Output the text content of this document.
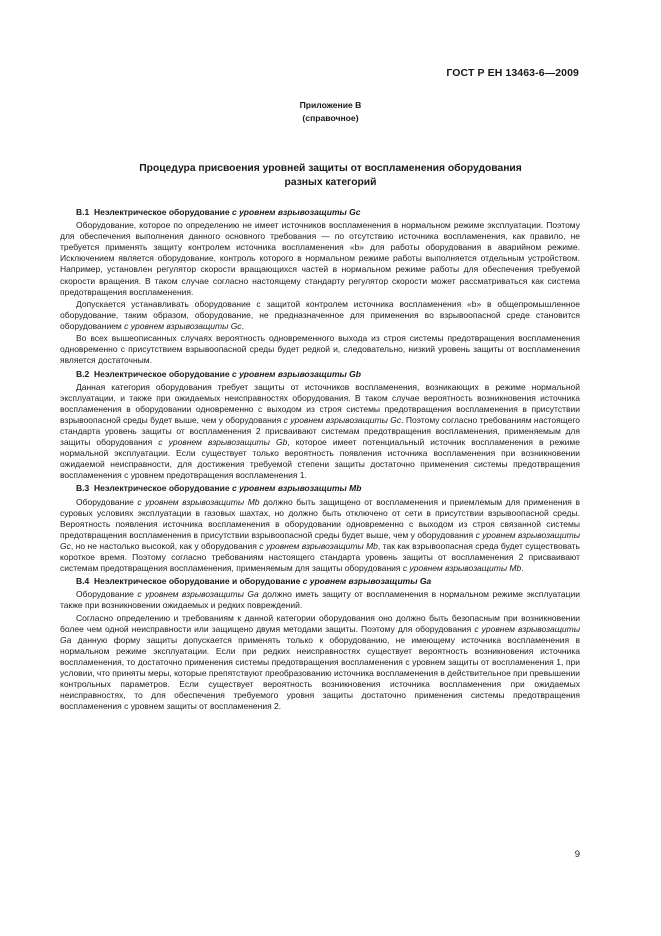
ГОСТ Р ЕН 13463-6—2009
Приложение В
(справочное)
Процедура присвоения уровней защиты от воспламенения оборудования
разных категорий
В.1 Неэлектрическое оборудование с уровнем взрывозащиты Gc
Оборудование, которое по определению не имеет источников воспламенения в нормальном режиме эксплуатации. Поэтому для обеспечения выполнения данного основного требования — по отсутствию источника воспламенения, как правило, не требуется применять защиту контролем источника воспламенения «b» для работы оборудования в аварийном режиме. Исключением является оборудование, контроль которого в нормальном режиме работы выполняется отдельным устройством. Например, установлен регулятор скорости вращающихся частей в нормальном режиме работы для обеспечения требуемой скорости вращения. В таком случае согласно настоящему стандарту регулятор скорости может рассматриваться как система предотвращения воспламенения.
Допускается устанавливать оборудование с защитой контролем источника воспламенения «b» в общепромышленное оборудование, таким образом, оборудование, не предназначенное для применения во взрывоопасной среде становится оборудованием с уровнем взрывозащиты Gc.
Во всех вышеописанных случаях вероятность одновременного выхода из строя системы предотвращения воспламенения одновременно с присутствием взрывоопасной среды будет редкой и, следовательно, низкий уровень защиты от воспламенения является достаточным.
В.2 Неэлектрическое оборудование с уровнем взрывозащиты Gb
Данная категория оборудования требует защиты от источников воспламенения, возникающих в режиме нормальной эксплуатации, и также при ожидаемых неисправностях оборудования. В таком случае вероятность возникновения источника воспламенения в оборудовании одновременно с выходом из строя системы предотвращения воспламенения в присутствии взрывоопасной среды будет выше, чем у оборудования с уровнем взрывозащиты Gc. Поэтому согласно требованиям настоящего стандарта уровень защиты от воспламенения 2 присваивают системам предотвращения воспламенения, применяемым для защиты оборудования с уровнем взрывозащиты Gb, которое имеет потенциальный источник воспламенения в режиме нормальной эксплуатации. Если существует только вероятность появления источника воспламенения при возникновении ожидаемой неисправности, для достижения требуемой степени защиты достаточно применения системы предотвращения воспламенения с уровнем предотвращения воспламенения 1.
В.3 Неэлектрическое оборудование с уровнем взрывозащиты Mb
Оборудование с уровнем взрывозащиты Mb должно быть защищено от воспламенения и приемлемым для применения в суровых условиях эксплуатации в газовых шахтах, но должно быть отключено от сети в присутствии взрывоопасной среды. Вероятность появления источника воспламенения в оборудовании одновременно с выходом из строя связанной системы предотвращения воспламенения в присутствии взрывоопасной среды будет выше, чем у оборудования с уровнем взрывозащиты Gc, но не настолько высокой, как у оборудования с уровнем взрывозащиты Mb, так как взрывоопасная среда будет существовать короткое время. Поэтому согласно требованиям настоящего стандарта уровень защиты от воспламенения 2 присваивают системам предотвращения воспламенения, применяемым для защиты оборудования с уровнем взрывозащиты Mb.
В.4 Неэлектрическое оборудование и оборудование с уровнем взрывозащиты Ga
Оборудование с уровнем взрывозащиты Ga должно иметь защиту от воспламенения в нормальном режиме эксплуатации также при возникновении ожидаемых и редких повреждений.
Согласно определению и требованиям к данной категории оборудования оно должно быть безопасным при возникновении более чем одной неисправности или защищено двумя методами защиты. Поэтому для оборудования с уровнем взрывозащиты Ga данную форму защиты допускается применять только к оборудованию, не имеющему источника воспламенения в нормальном режиме эксплуатации. Если при редких неисправностях существует вероятность возникновения источника воспламенения, то достаточно применения системы предотвращения воспламенения с уровнем защиты от воспламенения 1, при условии, что приняты меры, которые препятствуют преобразованию источника воспламенения в действительное при превышении контрольных параметров. Если существует вероятность возникновения источника воспламенения при ожидаемых неисправностях, то для обеспечения требуемого уровня защиты достаточно применения системы предотвращения воспламенения с уровнем защиты от воспламенения 2.
9
